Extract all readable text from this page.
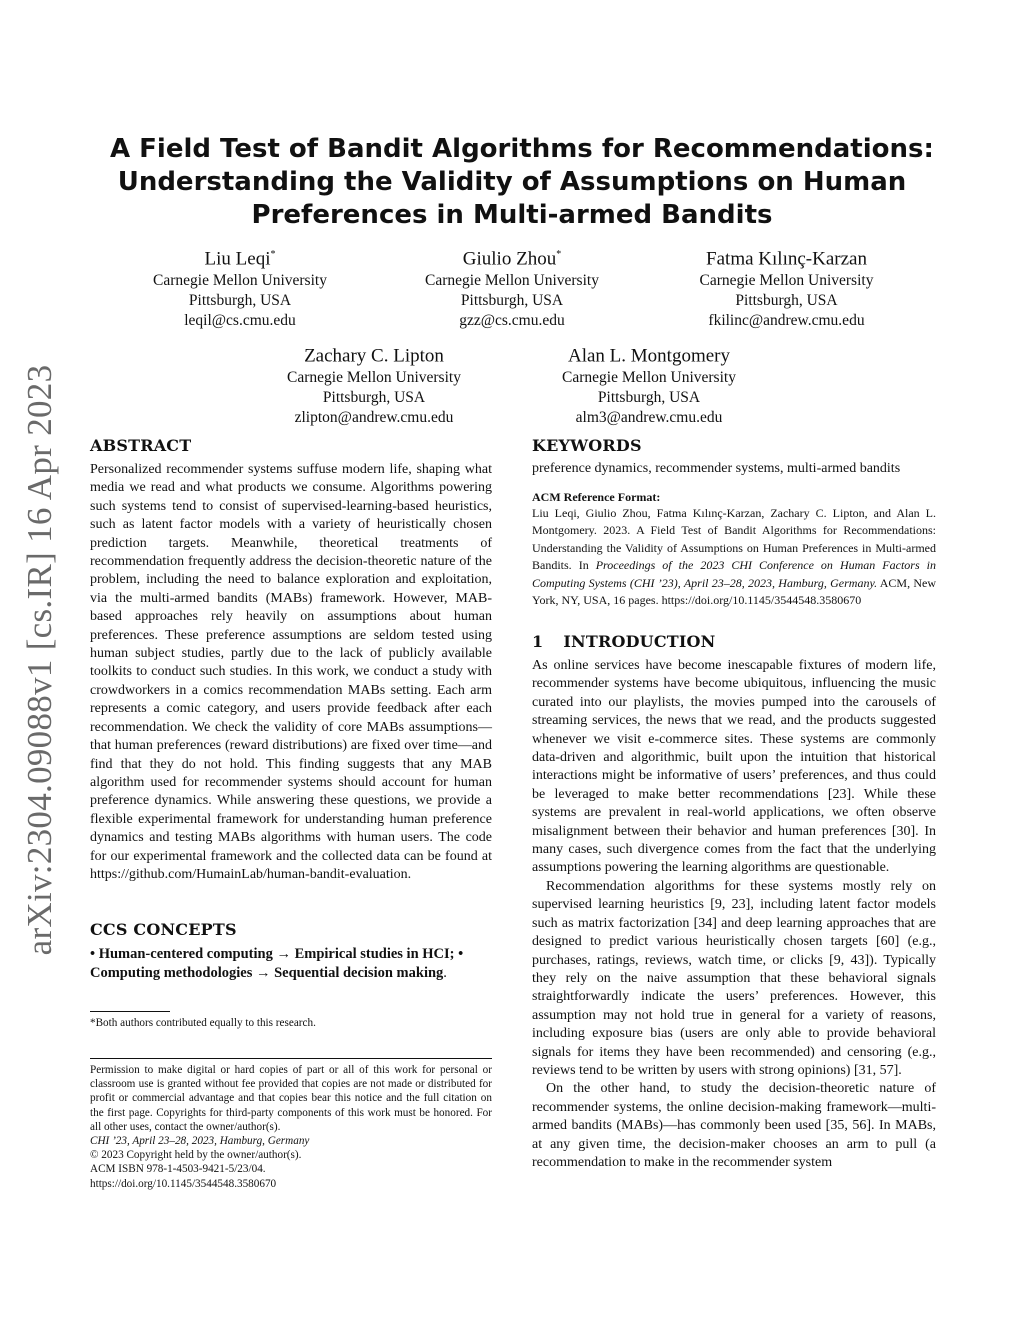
arXiv:2304.09088v1 [cs.IR] 16 Apr 2023
A Field Test of Bandit Algorithms for Recommendations:
Understanding the Validity of Assumptions on Human
Preferences in Multi-armed Bandits
Liu Leqi*
Carnegie Mellon University
Pittsburgh, USA
leqil@cs.cmu.edu
Giulio Zhou*
Carnegie Mellon University
Pittsburgh, USA
gzz@cs.cmu.edu
Fatma Kılınç-Karzan
Carnegie Mellon University
Pittsburgh, USA
fkilinc@andrew.cmu.edu
Zachary C. Lipton
Carnegie Mellon University
Pittsburgh, USA
zlipton@andrew.cmu.edu
Alan L. Montgomery
Carnegie Mellon University
Pittsburgh, USA
alm3@andrew.cmu.edu
ABSTRACT

Personalized recommender systems suffuse modern life, shaping what media we read and what products we consume. Algorithms powering such systems tend to consist of supervised-learning-based heuristics, such as latent factor models with a variety of heuristically chosen prediction targets. Meanwhile, theoretical treatments of recommendation frequently address the decision-theoretic nature of the problem, including the need to balance exploration and exploitation, via the multi-armed bandits (MABs) framework. However, MAB-based approaches rely heavily on assumptions about human preferences. These preference assumptions are seldom tested using human subject studies, partly due to the lack of publicly available toolkits to conduct such studies. In this work, we conduct a study with crowdworkers in a comics recommendation MABs setting. Each arm represents a comic category, and users provide feedback after each recommendation. We check the validity of core MABs assumptions—that human preferences (reward distributions) are fixed over time—and find that they do not hold. This finding suggests that any MAB algorithm used for recommender systems should account for human preference dynamics. While answering these questions, we provide a flexible experimental framework for understanding human preference dynamics and testing MABs algorithms with human users. The code for our experimental framework and the collected data can be found at https://github.com/HumainLab/human-bandit-evaluation.

CCS CONCEPTS
• Human-centered computing → Empirical studies in HCI; •
Computing methodologies → Sequential decision making.
*Both authors contributed equally to this research.
Permission to make digital or hard copies of part or all of this work for personal or classroom use is granted without fee provided that copies are not made or distributed for profit or commercial advantage and that copies bear this notice and the full citation on the first page. Copyrights for third-party components of this work must be honored. For all other uses, contact the owner/author(s).
CHI ’23, April 23–28, 2023, Hamburg, Germany
© 2023 Copyright held by the owner/author(s).
ACM ISBN 978-1-4503-9421-5/23/04.
https://doi.org/10.1145/3544548.3580670
KEYWORDS
preference dynamics, recommender systems, multi-armed bandits
ACM Reference Format:
Liu Leqi, Giulio Zhou, Fatma Kılınç-Karzan, Zachary C. Lipton, and Alan L. Montgomery. 2023. A Field Test of Bandit Algorithms for Recommendations: Understanding the Validity of Assumptions on Human Preferences in Multi-armed Bandits. In Proceedings of the 2023 CHI Conference on Human Factors in Computing Systems (CHI ’23), April 23–28, 2023, Hamburg, Germany. ACM, New York, NY, USA, 16 pages. https://doi.org/10.1145/3544548.3580670
1 INTRODUCTION

As online services have become inescapable fixtures of modern life, recommender systems have become ubiquitous, influencing the music curated into our playlists, the movies pumped into the carousels of streaming services, the news that we read, and the products suggested whenever we visit e-commerce sites. These systems are commonly data-driven and algorithmic, built upon the intuition that historical interactions might be informative of users’ preferences, and thus could be leveraged to make better recommendations [23]. While these systems are prevalent in real-world applications, we often observe misalignment between their behavior and human preferences [30]. In many cases, such divergence comes from the fact that the underlying assumptions powering the learning algorithms are questionable.

Recommendation algorithms for these systems mostly rely on supervised learning heuristics [9, 23], including latent factor models such as matrix factorization [34] and deep learning approaches that are designed to predict various heuristically chosen targets [60] (e.g., purchases, ratings, reviews, watch time, or clicks [9, 43]). Typically they rely on the naive assumption that these behavioral signals straightforwardly indicate the users’ preferences. However, this assumption may not hold true in general for a variety of reasons, including exposure bias (users are only able to provide behavioral signals for items they have been recommended) and censoring (e.g., reviews tend to be written by users with strong opinions) [31, 57].

On the other hand, to study the decision-theoretic nature of recommender systems, the online decision-making framework—multi-armed bandits (MABs)—has commonly been used [35, 56]. In MABs, at any given time, the decision-maker chooses an arm to pull (a recommendation to make in the recommender system
